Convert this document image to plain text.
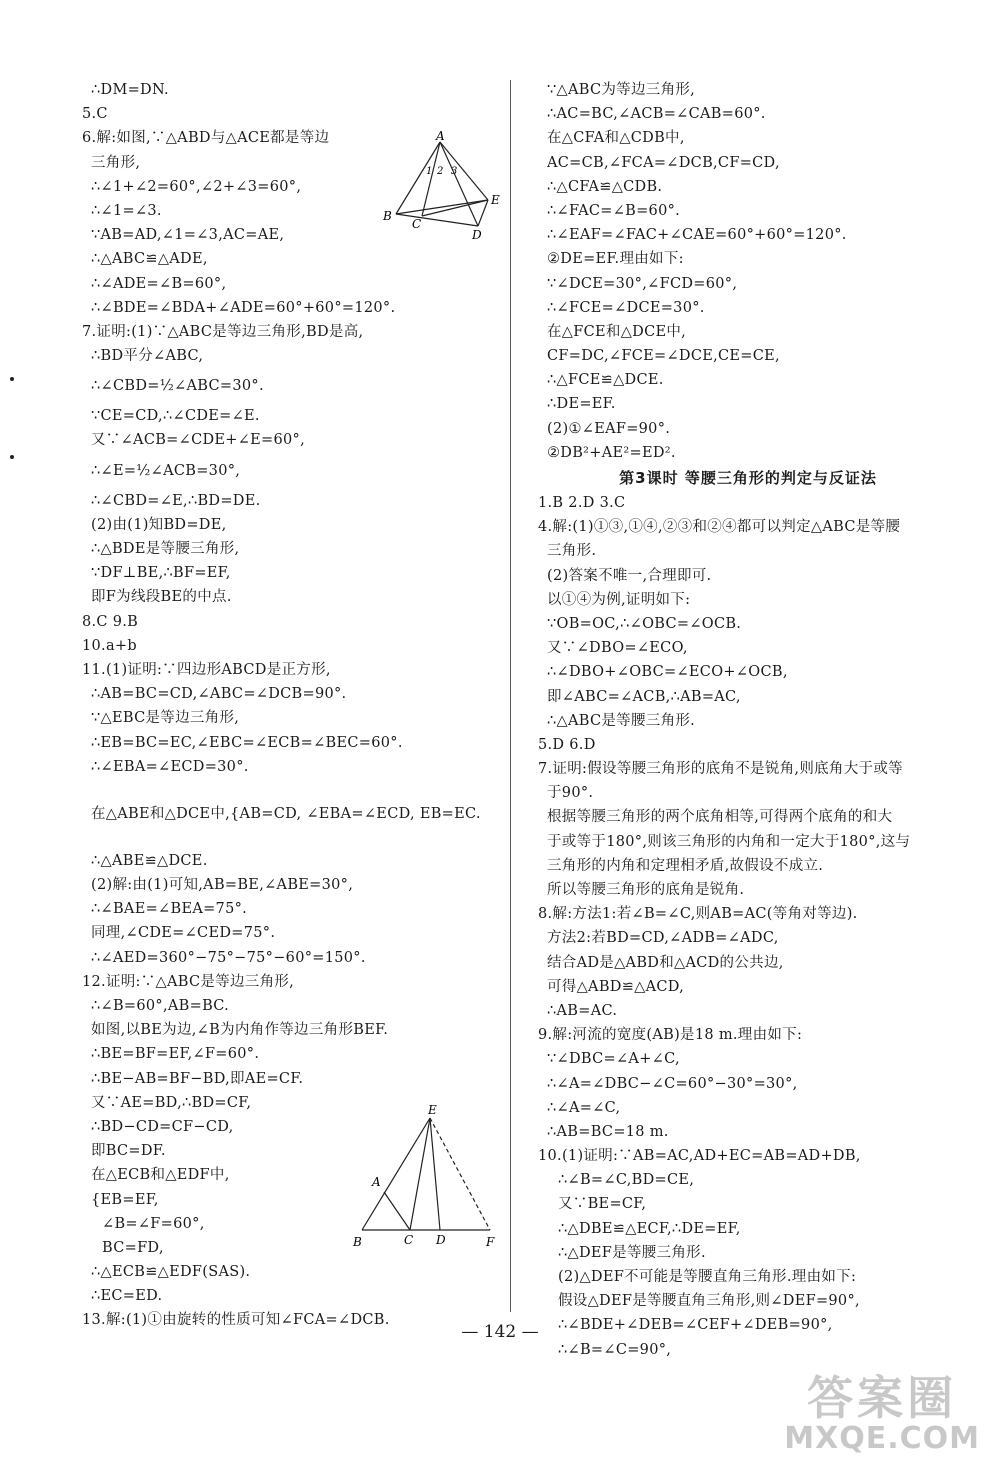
∴DM=DN.
5.C
6.解:如图,∵△ABD与△ACE都是等边
三角形,
∴∠1+∠2=60°,∠2+∠3=60°,
∴∠1=∠3.
∵AB=AD,∠1=∠3,AC=AE,
∴△ABC≌△ADE,
∴∠ADE=∠B=60°,
∴∠BDE=∠BDA+∠ADE=60°+60°=120°.
7.证明:(1)∵△ABC是等边三角形,BD是高,
∴BD平分∠ABC,
∴∠CBD=½∠ABC=30°.
∵CE=CD,∴∠CDE=∠E.
又∵∠ACB=∠CDE+∠E=60°,
∴∠E=½∠ACB=30°,
∴∠CBD=∠E,∴BD=DE.
(2)由(1)知BD=DE,
∴△BDE是等腰三角形,
∵DF⊥BE,∴BF=EF,
即F为线段BE的中点.
8.C 9.B
10.a+b
11.(1)证明:∵四边形ABCD是正方形,
∴AB=BC=CD,∠ABC=∠DCB=90°.
∵△EBC是等边三角形,
∴EB=BC=EC,∠EBC=∠ECB=∠BEC=60°.
∴∠EBA=∠ECD=30°.
在△ABE和△DCE中,{AB=CD, ∠EBA=∠ECD, EB=EC.
∴△ABE≌△DCE.
(2)解:由(1)可知,AB=BE,∠ABE=30°,
∴∠BAE=∠BEA=75°.
同理,∠CDE=∠CED=75°.
∴∠AED=360°−75°−75°−60°=150°.
12.证明:∵△ABC是等边三角形,
∴∠B=60°,AB=BC.
如图,以BE为边,∠B为内角作等边三角形BEF.
∴BE=BF=EF,∠F=60°.
∴BE−AB=BF−BD,即AE=CF.
又∵AE=BD,∴BD=CF,
∴BD−CD=CF−CD,
即BC=DF.
在△ECB和△EDF中,
{EB=EF,
∠B=∠F=60°,
BC=FD,
∴△ECB≌△EDF(SAS).
∴EC=ED.
13.解:(1)①由旋转的性质可知∠FCA=∠DCB.
∵△ABC为等边三角形,
∴AC=BC,∠ACB=∠CAB=60°.
在△CFA和△CDB中,
AC=CB,∠FCA=∠DCB,CF=CD,
∴△CFA≌△CDB.
∴∠FAC=∠B=60°.
∴∠EAF=∠FAC+∠CAE=60°+60°=120°.
②DE=EF.理由如下:
∵∠DCE=30°,∠FCD=60°,
∴∠FCE=∠DCE=30°.
在△FCE和△DCE中,
CF=DC,∠FCE=∠DCE,CE=CE,
∴△FCE≌△DCE.
∴DE=EF.
(2)①∠EAF=90°.
②DB²+AE²=ED².
第3课时 等腰三角形的判定与反证法
1.B 2.D 3.C
4.解:(1)①③,①④,②③和②④都可以判定△ABC是等腰
三角形.
(2)答案不唯一,合理即可.
以①④为例,证明如下:
∵OB=OC,∴∠OBC=∠OCB.
又∵∠DBO=∠ECO,
∴∠DBO+∠OBC=∠ECO+∠OCB,
即∠ABC=∠ACB,∴AB=AC,
∴△ABC是等腰三角形.
5.D 6.D
7.证明:假设等腰三角形的底角不是锐角,则底角大于或等
于90°.
根据等腰三角形的两个底角相等,可得两个底角的和大
于或等于180°,则该三角形的内角和一定大于180°,这与
三角形的内角和定理相矛盾,故假设不成立.
所以等腰三角形的底角是锐角.
8.解:方法1:若∠B=∠C,则AB=AC(等角对等边).
方法2:若BD=CD,∠ADB=∠ADC,
结合AD是△ABD和△ACD的公共边,
可得△ABD≌△ACD,
∴AB=AC.
9.解:河流的宽度(AB)是18 m.理由如下:
∵∠DBC=∠A+∠C,
∴∠A=∠DBC−∠C=60°−30°=30°,
∴∠A=∠C,
∴AB=BC=18 m.
10.(1)证明:∵AB=AC,AD+EC=AB=AD+DB,
∴∠B=∠C,BD=CE,
又∵BE=CF,
∴△DBE≌△ECF,∴DE=EF,
∴△DEF是等腰三角形.
(2)△DEF不可能是等腰直角三角形.理由如下:
假设△DEF是等腰直角三角形,则∠DEF=90°,
∴∠BDE+∠DEB=∠CEF+∠DEB=90°,
∴∠B=∠C=90°,
A
B
C
D
E
1 2 3
E
A
B	C D	F
— 142 —
答案圈
MXQE.COM
